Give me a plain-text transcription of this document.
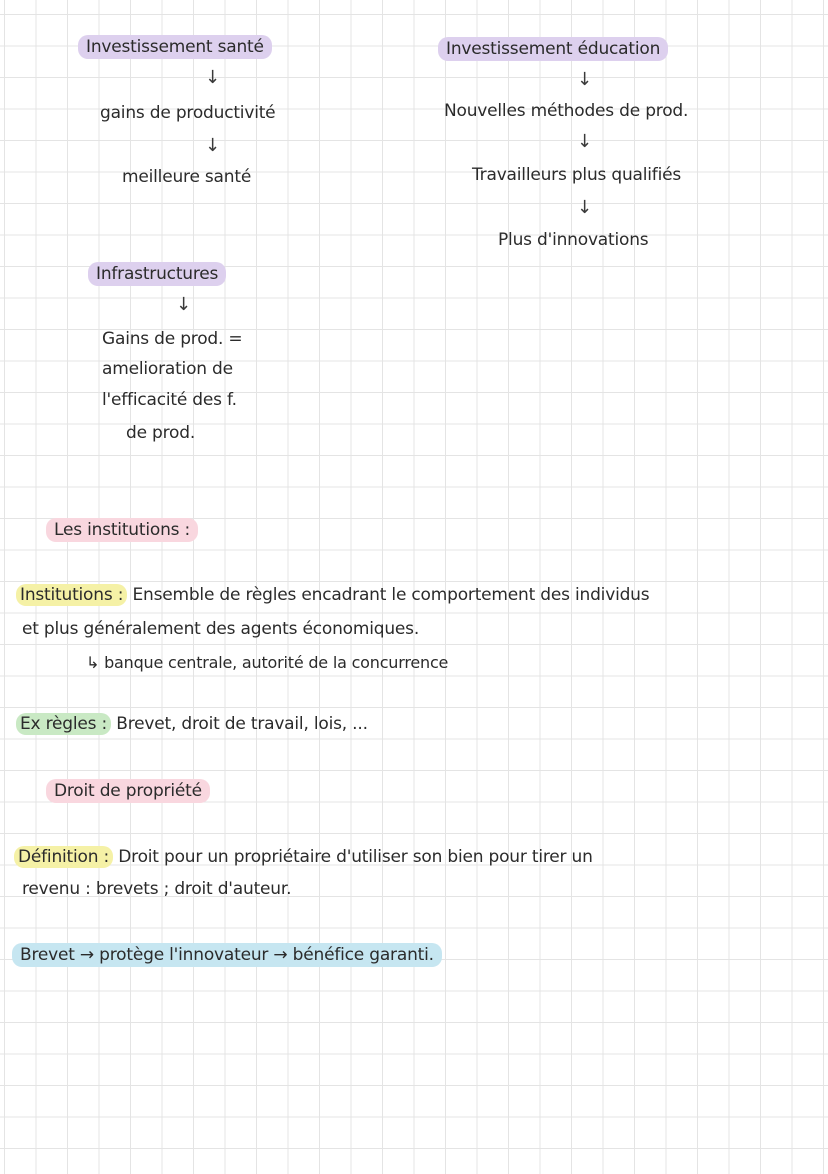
Investissement santé
↓
gains de productivité
↓
meilleure santé
Investissement éducation
↓
Nouvelles méthodes de prod.
↓
Travailleurs plus qualifiés
↓
Plus d'innovations
Infrastructures
↓
Gains de prod. =
amelioration de
l'efficacité des f.
de prod.
Les institutions :
Institutions : Ensemble de règles encadrant le comportement des individus
et plus généralement des agents économiques.
↳ banque centrale, autorité de la concurrence
Ex règles : Brevet, droit de travail, lois, ...
Droit de propriété
Définition : Droit pour un propriétaire d'utiliser son bien pour tirer un
revenu : brevets ; droit d'auteur.
Brevet → protège l'innovateur → bénéfice garanti.
